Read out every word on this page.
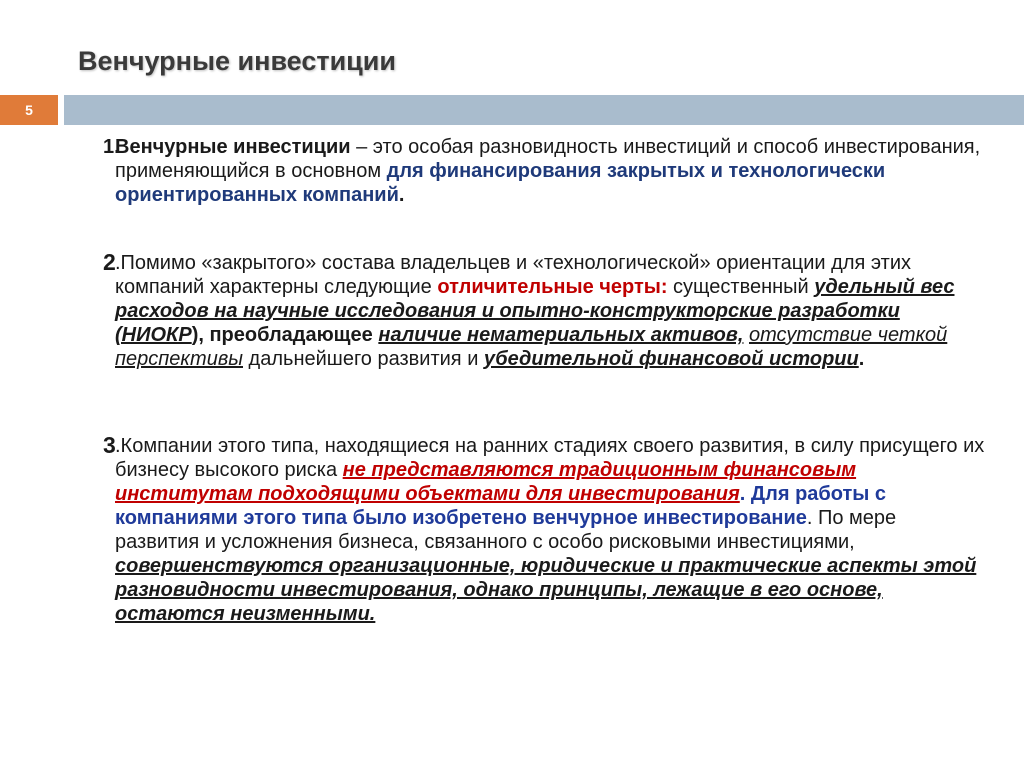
Венчурные инвестиции
5
1.
Венчурные инвестиции – это особая разновидность инвестиций и способ инвестирования, применяющийся в основном для финансирования закрытых и технологически ориентированных компаний.
2 .Помимо «закрытого» состава владельцев и «технологической» ориентации для этих компаний характерны следующие отличительные черты: существенный удельный вес расходов на научные исследования и опытно-конструкторские разработки (НИОКР), преобладающее наличие нематериальных активов, отсутствие четкой перспективы дальнейшего развития и убедительной финансовой истории.
3 .Компании этого типа, находящиеся на ранних стадиях своего развития, в силу присущего их бизнесу высокого риска не представляются традиционным финансовым институтам подходящими объектами для инвестирования. Для работы с компаниями этого типа было изобретено венчурное инвестирование. По мере развития и усложнения бизнеса, связанного с особо рисковыми инвестициями, совершенствуются организационные, юридические и практические аспекты этой разновидности инвестирования, однако принципы, лежащие в его основе, остаются неизменными.
